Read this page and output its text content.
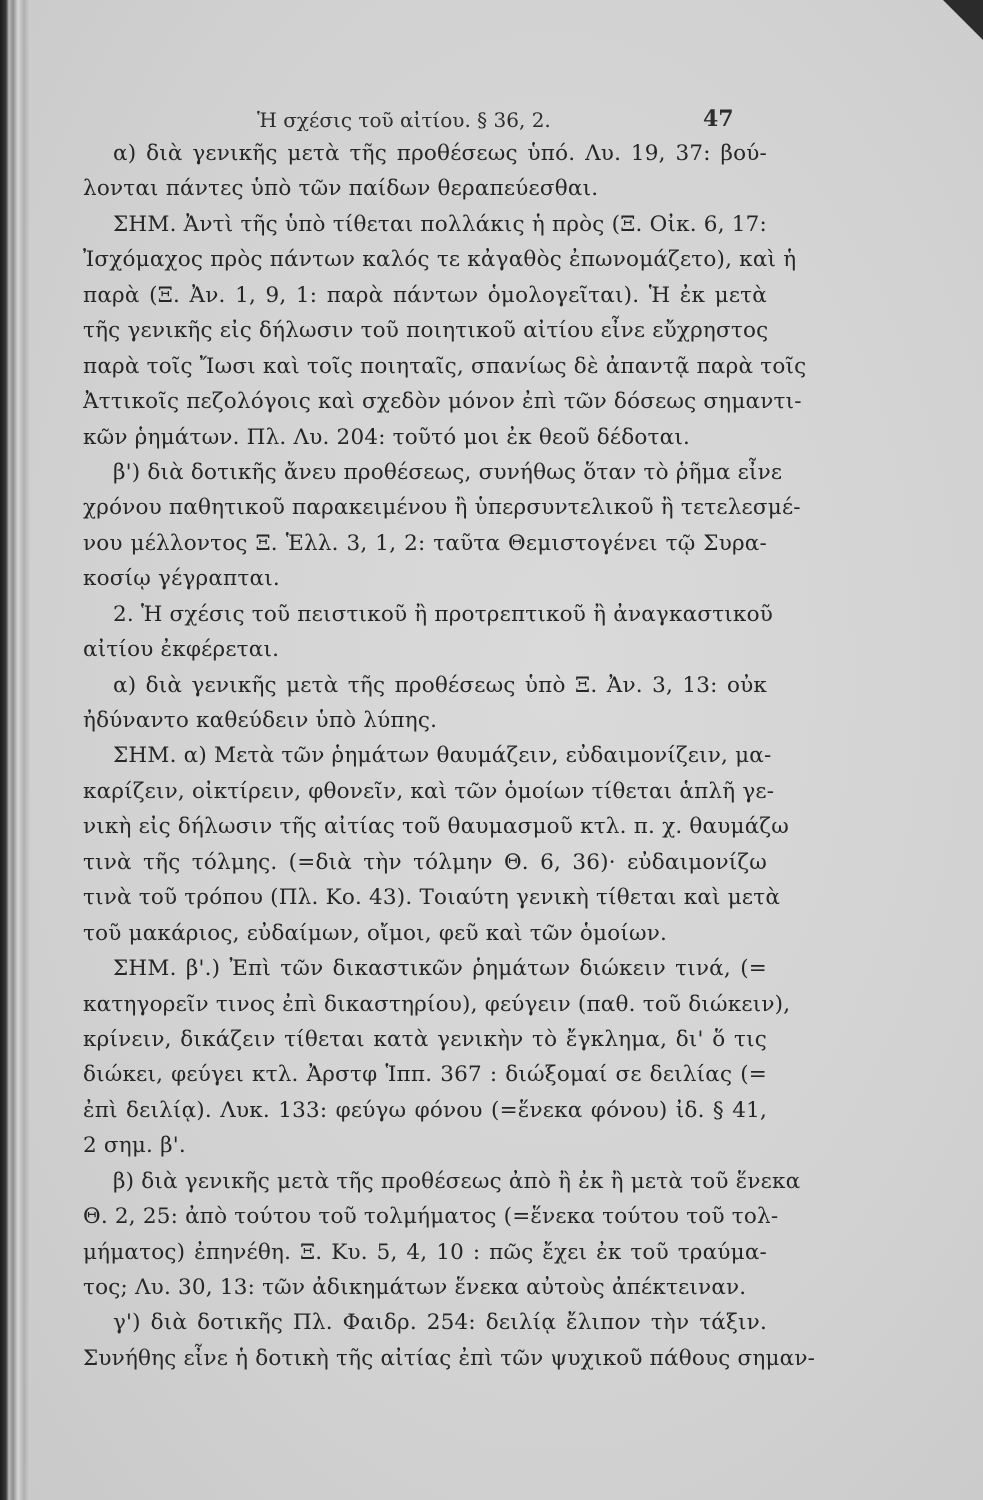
Ἡ σχέσις τοῦ αἰτίου. § 36, 2.	47
α) διὰ γενικῆς μετὰ τῆς προθέσεως ὑπό. Λυ. 19, 37: βού-
λονται πάντες ὑπὸ τῶν παίδων θεραπεύεσθαι.
ΣΗΜ. Ἀντὶ τῆς ὑπὸ τίθεται πολλάκις ἡ πρὸς (Ξ. Οἰκ. 6, 17:
Ἰσχόμαχος πρὸς πάντων καλός τε κἀγαθὸς ἐπωνομάζετο), καὶ ἡ
παρὰ (Ξ. Ἀν. 1, 9, 1: παρὰ πάντων ὁμολογεῖται). Ἡ ἐκ μετὰ
τῆς γενικῆς εἰς δήλωσιν τοῦ ποιητικοῦ αἰτίου εἶνε εὔχρηστος
παρὰ τοῖς Ἴωσι καὶ τοῖς ποιηταῖς, σπανίως δὲ ἀπαντᾷ παρὰ τοῖς
Ἀττικοῖς πεζολόγοις καὶ σχεδὸν μόνον ἐπὶ τῶν δόσεως σημαντι-
κῶν ῥημάτων. Πλ. Λυ. 204: τοῦτό μοι ἐκ θεοῦ δέδοται.
β') διὰ δοτικῆς ἄνευ προθέσεως, συνήθως ὅταν τὸ ῥῆμα εἶνε
χρόνου παθητικοῦ παρακειμένου ἢ ὑπερσυντελικοῦ ἢ τετελεσμέ-
νου μέλλοντος Ξ. Ἑλλ. 3, 1, 2: ταῦτα Θεμιστογένει τῷ Συρα-
κοσίῳ γέγραπται.
2. Ἡ σχέσις τοῦ πειστικοῦ ἢ προτρεπτικοῦ ἢ ἀναγκαστικοῦ
αἰτίου ἐκφέρεται.
α) διὰ γενικῆς μετὰ τῆς προθέσεως ὑπὸ Ξ. Ἀν. 3, 13: οὐκ
ἠδύναντο καθεύδειν ὑπὸ λύπης.
ΣΗΜ. α) Μετὰ τῶν ῥημάτων θαυμάζειν, εὐδαιμονίζειν, μα-
καρίζειν, οἰκτίρειν, φθονεῖν, καὶ τῶν ὁμοίων τίθεται ἁπλῆ γε-
νικὴ εἰς δήλωσιν τῆς αἰτίας τοῦ θαυμασμοῦ κτλ. π. χ. θαυμάζω
τινὰ τῆς τόλμης. (=διὰ τὴν τόλμην Θ. 6, 36)· εὐδαιμονίζω
τινὰ τοῦ τρόπου (Πλ. Κο. 43). Τοιαύτη γενικὴ τίθεται καὶ μετὰ
τοῦ μακάριος, εὐδαίμων, οἴμοι, φεῦ καὶ τῶν ὁμοίων.
ΣΗΜ. β'.) Ἐπὶ τῶν δικαστικῶν ῥημάτων διώκειν τινά, (=
κατηγορεῖν τινος ἐπὶ δικαστηρίου), φεύγειν (παθ. τοῦ διώκειν),
κρίνειν, δικάζειν τίθεται κατὰ γενικὴν τὸ ἔγκλημα, δι' ὅ τις
διώκει, φεύγει κτλ. Ἀρστφ Ἱππ. 367 : διώξομαί σε δειλίας (=
ἐπὶ δειλίᾳ). Λυκ. 133: φεύγω φόνου (=ἕνεκα φόνου) ἰδ. § 41,
2 σημ. β'.
β) διὰ γενικῆς μετὰ τῆς προθέσεως ἀπὸ ἢ ἐκ ἢ μετὰ τοῦ ἕνεκα
Θ. 2, 25: ἀπὸ τούτου τοῦ τολμήματος (=ἕνεκα τούτου τοῦ τολ-
μήματος) ἐπηνέθη. Ξ. Κυ. 5, 4, 10 : πῶς ἔχει ἐκ τοῦ τραύμα-
τος; Λυ. 30, 13: τῶν ἀδικημάτων ἕνεκα αὐτοὺς ἀπέκτειναν.
γ') διὰ δοτικῆς Πλ. Φαιδρ. 254: δειλίᾳ ἔλιπον τὴν τάξιν.
Συνήθης εἶνε ἡ δοτικὴ τῆς αἰτίας ἐπὶ τῶν ψυχικοῦ πάθους σημαν-
